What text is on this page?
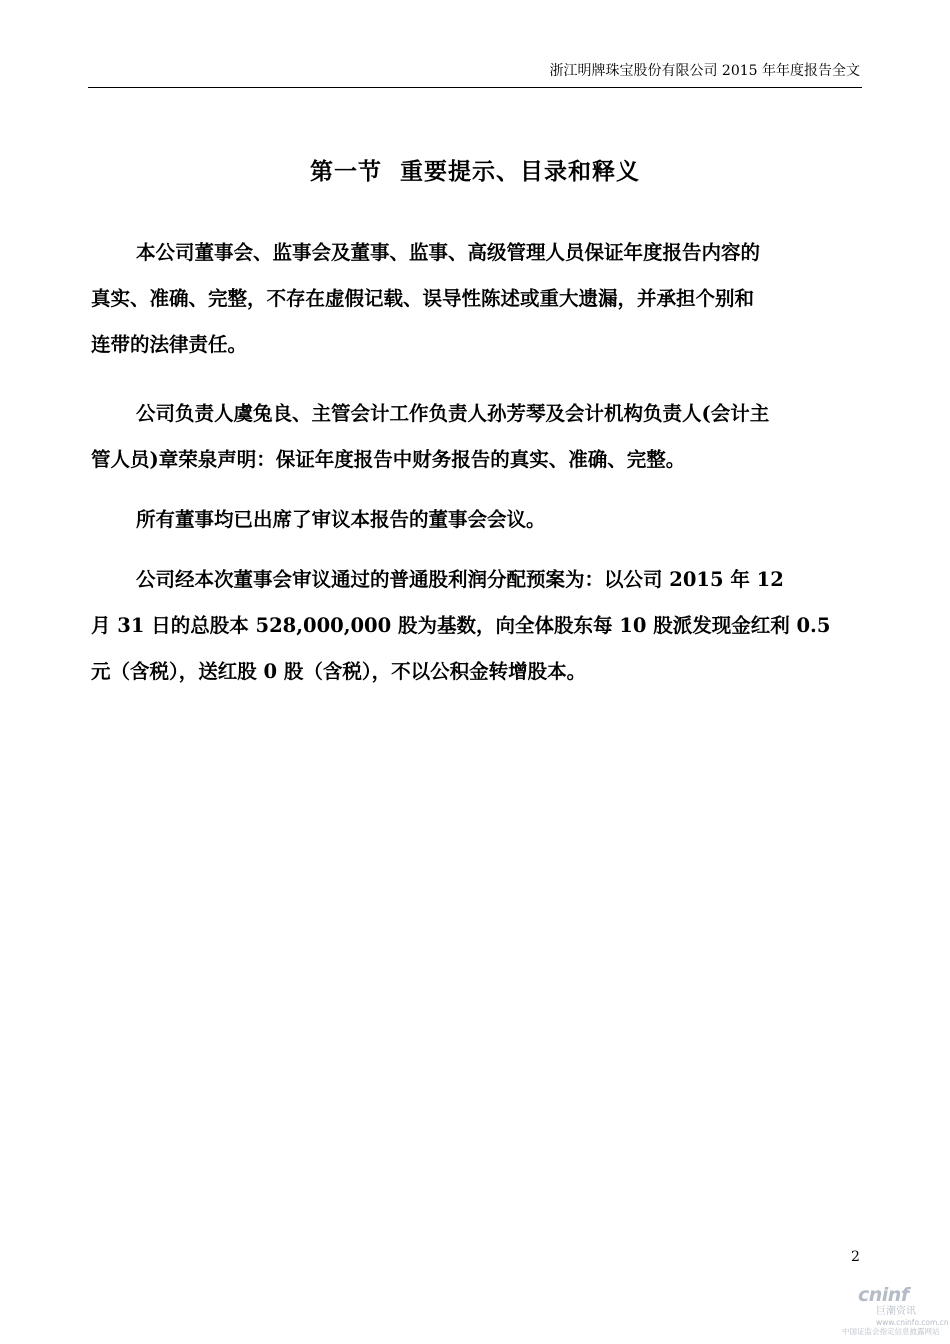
浙江明牌珠宝股份有限公司 2015 年年度报告全文
第一节  重要提示、目录和释义
本公司董事会、监事会及董事、监事、高级管理人员保证年度报告内容的
真实、准确、完整，不存在虚假记载、误导性陈述或重大遗漏，并承担个别和
连带的法律责任。
公司负责人虞兔良、主管会计工作负责人孙芳琴及会计机构负责人(会计主
管人员)章荣泉声明：保证年度报告中财务报告的真实、准确、完整。
所有董事均已出席了审议本报告的董事会会议。
公司经本次董事会审议通过的普通股利润分配预案为：以公司 2015 年 12
月 31 日的总股本 528,000,000 股为基数，向全体股东每 10 股派发现金红利 0.5
元（含税），送红股 0 股（含税），不以公积金转增股本。
2
cninf
巨潮资讯
www.cninfo.com.cn
中国证监会指定信息披露网站
